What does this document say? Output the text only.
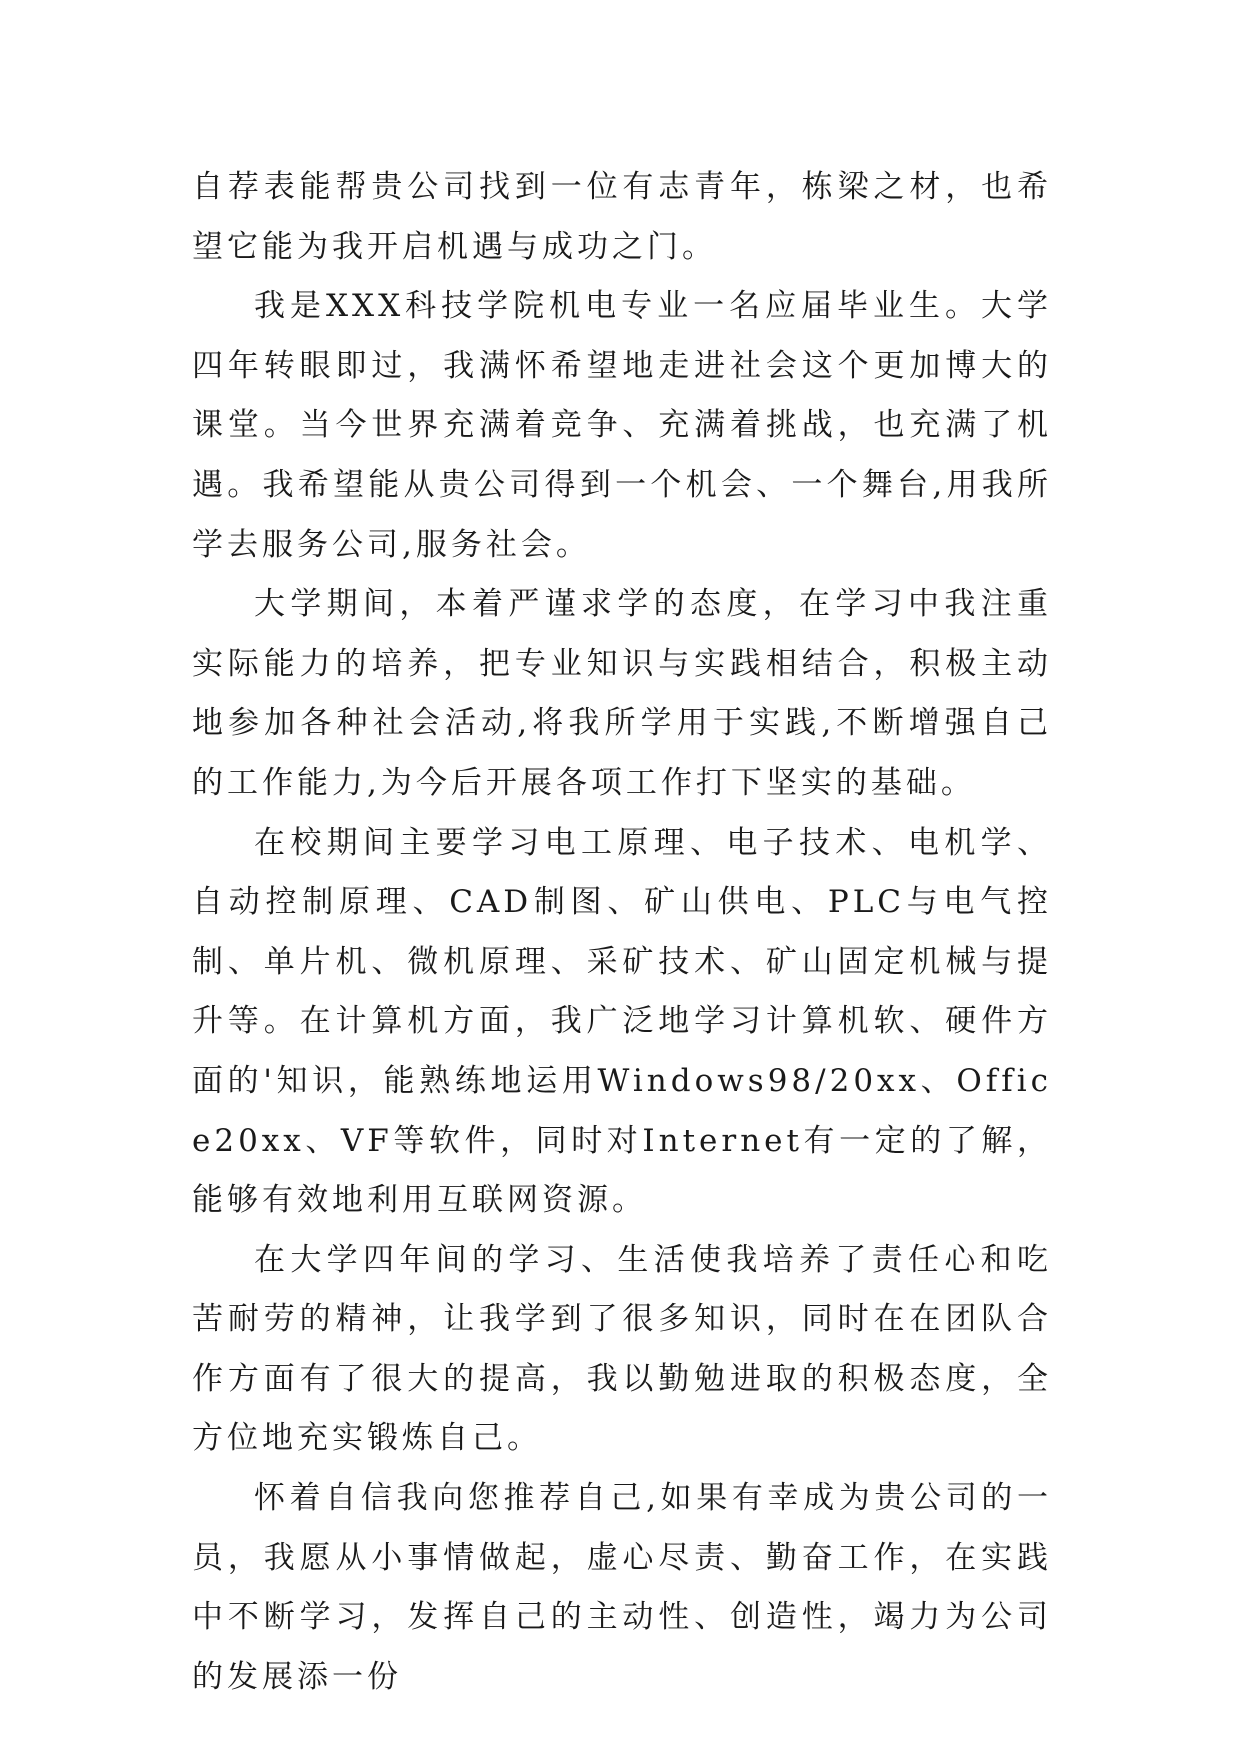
自荐表能帮贵公司找到一位有志青年，栋梁之材，也希望它能为我开启机遇与成功之门。

我是XXX科技学院机电专业一名应届毕业生。大学四年转眼即过，我满怀希望地走进社会这个更加博大的课堂。当今世界充满着竞争、充满着挑战，也充满了机遇。我希望能从贵公司得到一个机会、一个舞台,用我所学去服务公司,服务社会。

大学期间，本着严谨求学的态度，在学习中我注重实际能力的培养，把专业知识与实践相结合，积极主动地参加各种社会活动,将我所学用于实践,不断增强自己的工作能力,为今后开展各项工作打下坚实的基础。

在校期间主要学习电工原理、电子技术、电机学、自动控制原理、CAD制图、矿山供电、PLC与电气控制、单片机、微机原理、采矿技术、矿山固定机械与提升等。在计算机方面，我广泛地学习计算机软、硬件方面的'知识，能熟练地运用Windows98/20xx、Office20xx、VF等软件，同时对Internet有一定的了解，能够有效地利用互联网资源。

在大学四年间的学习、生活使我培养了责任心和吃苦耐劳的精神，让我学到了很多知识，同时在在团队合作方面有了很大的提高，我以勤勉进取的积极态度，全方位地充实锻炼自己。

怀着自信我向您推荐自己,如果有幸成为贵公司的一员，我愿从小事情做起，虚心尽责、勤奋工作，在实践中不断学习，发挥自己的主动性、创造性，竭力为公司的发展添一份
